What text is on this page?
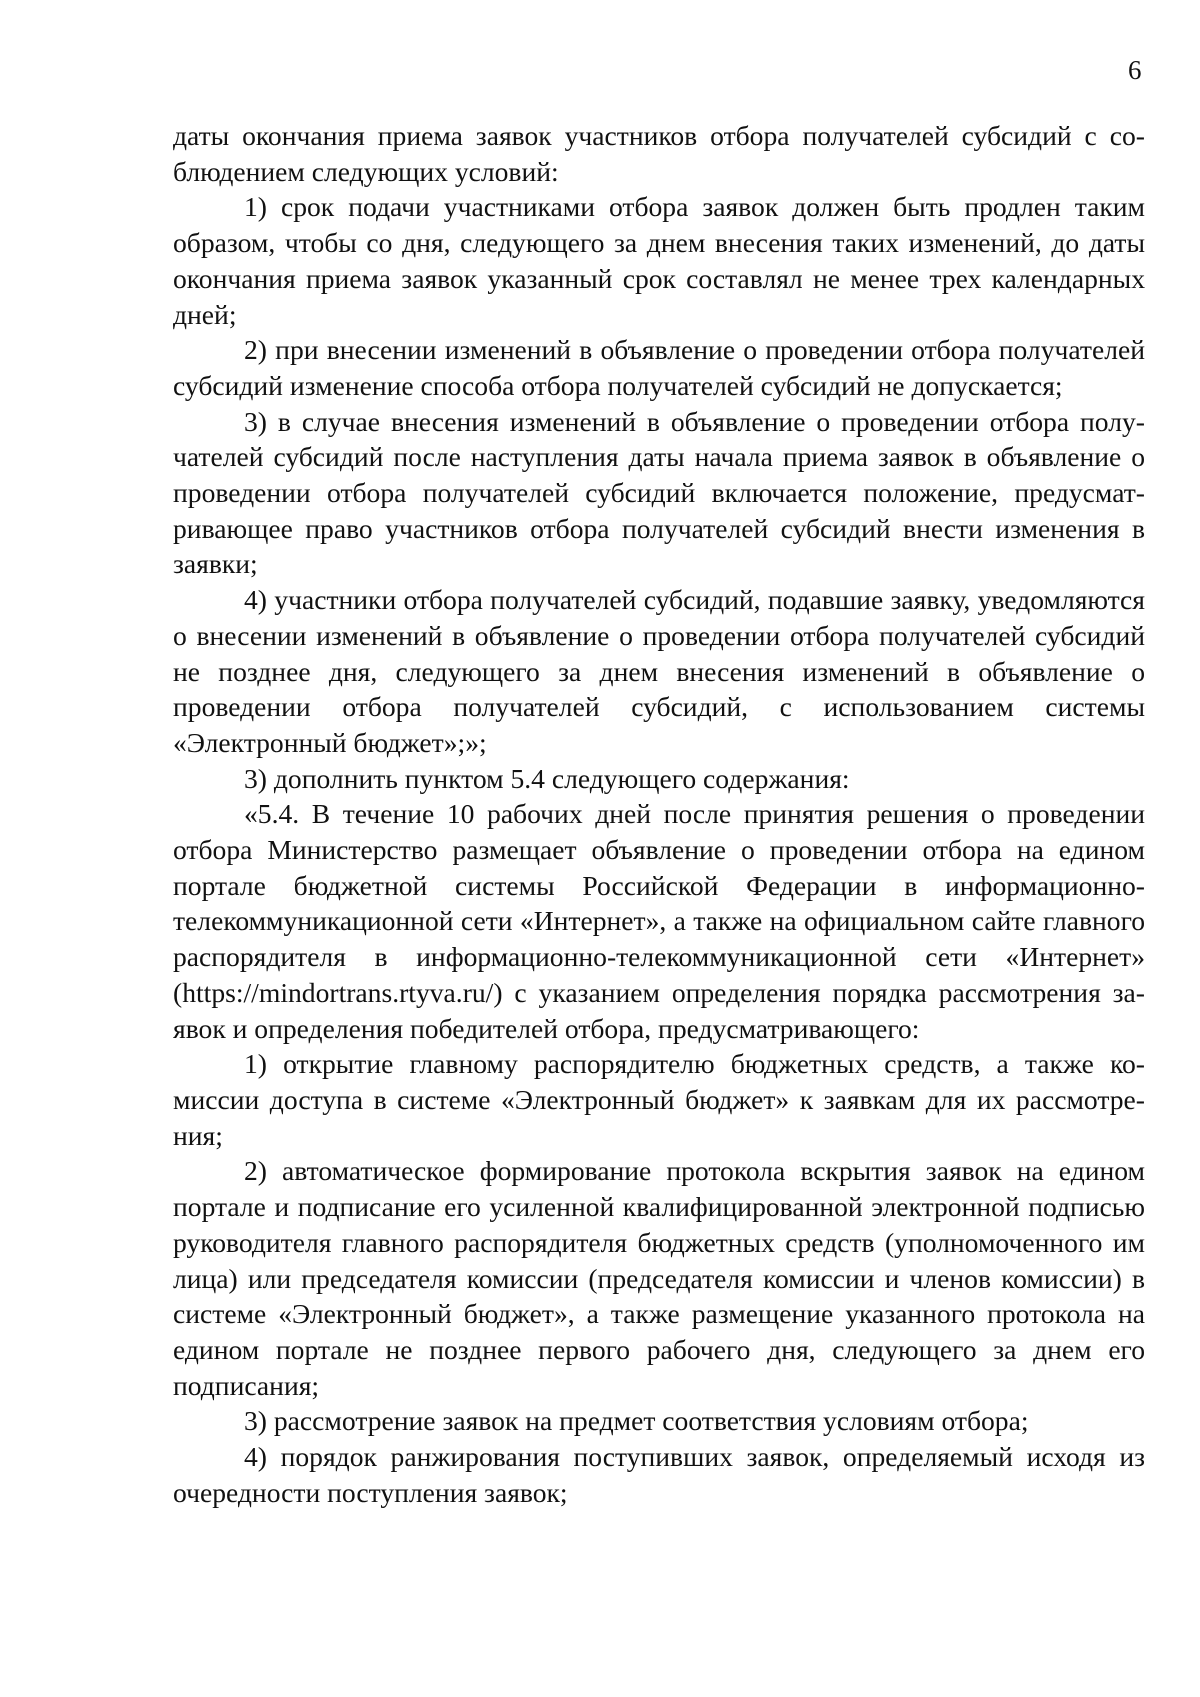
6

даты окончания приема заявок участников отбора получателей субсидий с соблюдением следующих условий:

1) срок подачи участниками отбора заявок должен быть продлен таким образом, чтобы со дня, следующего за днем внесения таких изменений, до даты окончания приема заявок указанный срок составлял не менее трех календарных дней;

2) при внесении изменений в объявление о проведении отбора получателей субсидий изменение способа отбора получателей субсидий не допускается;

3) в случае внесения изменений в объявление о проведении отбора получателей субсидий после наступления даты начала приема заявок в объявление о проведении отбора получателей субсидий включается положение, предусматривающее право участников отбора получателей субсидий внести изменения в заявки;

4) участники отбора получателей субсидий, подавшие заявку, уведомляются о внесении изменений в объявление о проведении отбора получателей субсидий не позднее дня, следующего за днем внесения изменений в объявление о проведении отбора получателей субсидий, с использованием системы «Электронный бюджет»;»;

3) дополнить пунктом 5.4 следующего содержания:

«5.4. В течение 10 рабочих дней после принятия решения о проведении отбора Министерство размещает объявление о проведении отбора на едином портале бюджетной системы Российской Федерации в информационно-телекоммуникационной сети «Интернет», а также на официальном сайте главного распорядителя в информационно-телекоммуникационной сети «Интернет» (https://mindortrans.rtyva.ru/) с указанием определения порядка рассмотрения заявок и определения победителей отбора, предусматривающего:

1) открытие главному распорядителю бюджетных средств, а также комиссии доступа в системе «Электронный бюджет» к заявкам для их рассмотрения;

2) автоматическое формирование протокола вскрытия заявок на едином портале и подписание его усиленной квалифицированной электронной подписью руководителя главного распорядителя бюджетных средств (уполномоченного им лица) или председателя комиссии (председателя комиссии и членов комиссии) в системе «Электронный бюджет», а также размещение указанного протокола на едином портале не позднее первого рабочего дня, следующего за днем его подписания;

3) рассмотрение заявок на предмет соответствия условиям отбора;

4) порядок ранжирования поступивших заявок, определяемый исходя из очередности поступления заявок;
